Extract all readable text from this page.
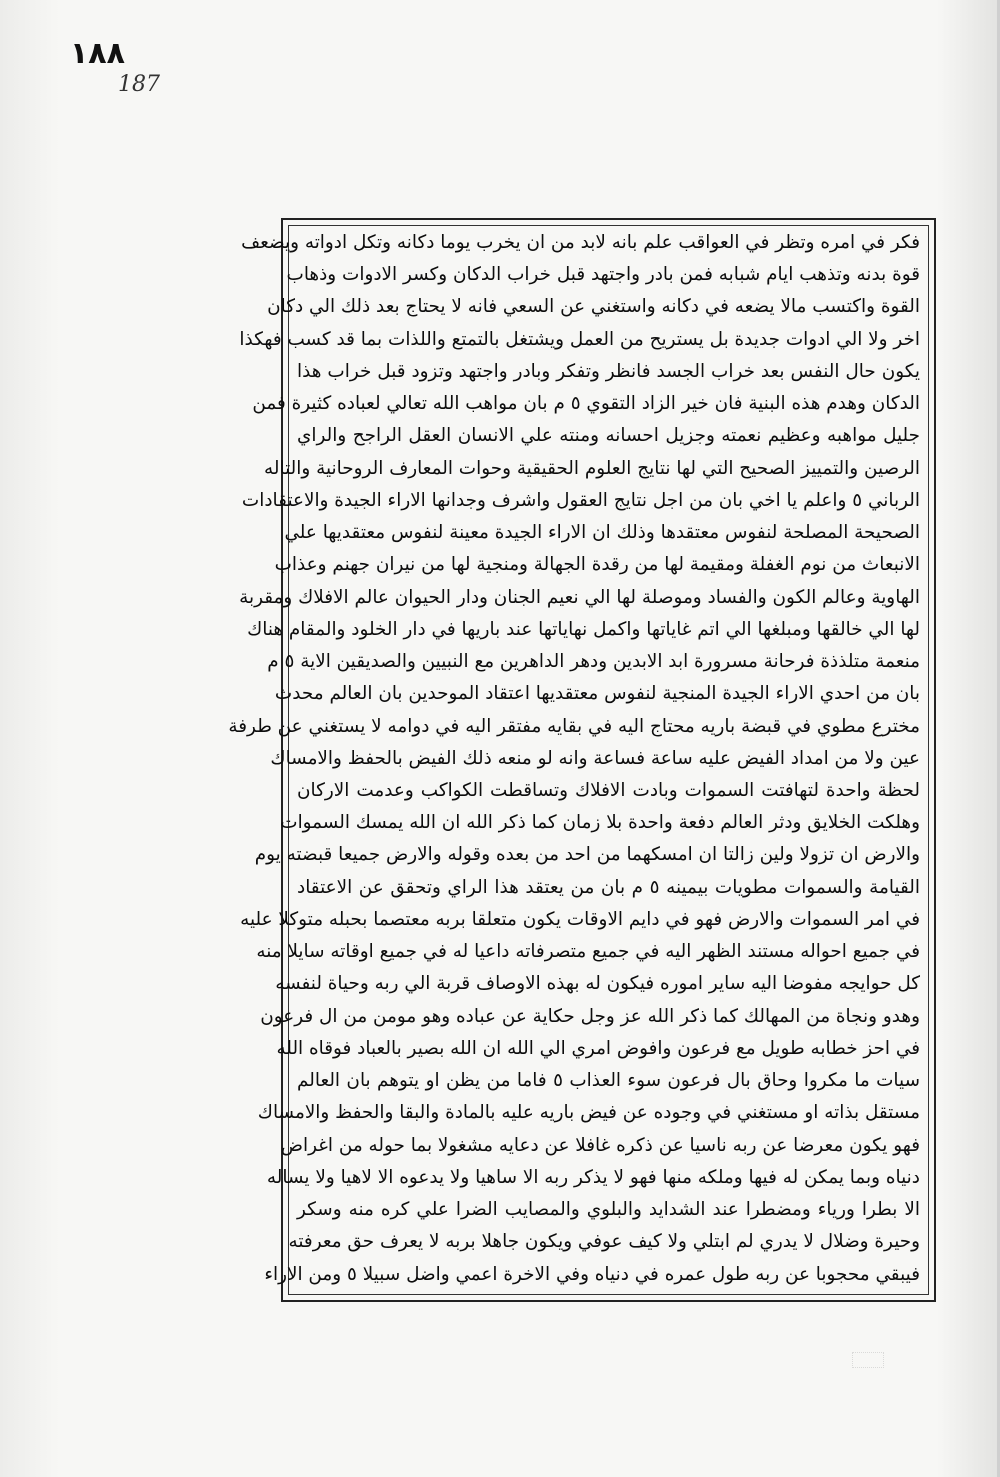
١٨٨
187
فكر في امره وتظر في العواقب علم بانه لابد من ان يخرب يوما دكانه وتكل ادواته ويضعف
قوة بدنه وتذهب ايام شبابه فمن بادر واجتهد قبل خراب الدكان وكسر الادوات وذهاب
القوة واكتسب مالا يضعه في دكانه واستغني عن السعي فانه لا يحتاج بعد ذلك الي دكان
اخر ولا الي ادوات جديدة بل يستريح من العمل ويشتغل بالتمتع واللذات بما قد كسب فهكذا
يكون حال النفس بعد خراب الجسد فانظر وتفكر وبادر واجتهد وتزود قبل خراب هذا
الدكان وهدم هذه البنية فان خير الزاد التقوي ٥ م بان مواهب الله تعالي لعباده كثيرة فمن
جليل مواهبه وعظيم نعمته وجزيل احسانه ومنته علي الانسان العقل الراجح والراي
الرصين والتمييز الصحيح التي لها نتايج العلوم الحقيقية وحوات المعارف الروحانية والتاله
الرباني ٥ واعلم يا اخي بان من اجل نتايج العقول واشرف وجدانها الاراء الجيدة والاعتقادات
الصحيحة المصلحة لنفوس معتقدها وذلك ان الاراء الجيدة معينة لنفوس معتقديها علي
الانبعاث من نوم الغفلة ومقيمة لها من رقدة الجهالة ومنجية لها من نيران جهنم وعذاب
الهاوية وعالم الكون والفساد وموصلة لها الي نعيم الجنان ودار الحيوان عالم الافلاك ومقربة
لها الي خالقها ومبلغها الي اتم غاياتها واكمل نهاياتها عند باريها في دار الخلود والمقام هناك
منعمة متلذذة فرحانة مسرورة ابد الابدين ودهر الداهرين مع النبيين والصديقين الاية ٥ م
بان من احدي الاراء الجيدة المنجية لنفوس معتقديها اعتقاد الموحدين بان العالم محدث
مخترع مطوي في قبضة باريه محتاج اليه في بقايه مفتقر اليه في دوامه لا يستغني عن طرفة
عين ولا من امداد الفيض عليه ساعة فساعة وانه لو منعه ذلك الفيض بالحفظ والامساك
لحظة واحدة لتهافتت السموات وبادت الافلاك وتساقطت الكواكب وعدمت الاركان
وهلكت الخلايق ودثر العالم دفعة واحدة بلا زمان كما ذكر الله ان الله يمسك السموات
والارض ان تزولا ولين زالتا ان امسكهما من احد من بعده وقوله والارض جميعا قبضته يوم
القيامة والسموات مطويات بيمينه ٥ م بان من يعتقد هذا الراي وتحقق عن الاعتقاد
في امر السموات والارض فهو في دايم الاوقات يكون متعلقا بربه معتصما بحبله متوكلا عليه
في جميع احواله مستند الظهر اليه في جميع متصرفاته داعيا له في جميع اوقاته سايلا منه
كل حوايجه مفوضا اليه ساير اموره فيكون له بهذه الاوصاف قربة الي ربه وحياة لنفسه
وهدو ونجاة من المهالك كما ذكر الله عز وجل حكاية عن عباده وهو مومن من ال فرعون
في احز خطابه طويل مع فرعون وافوض امري الي الله ان الله بصير بالعباد فوقاه الله
سيات ما مكروا وحاق بال فرعون سوء العذاب ٥ فاما من يظن او يتوهم بان العالم
مستقل بذاته او مستغني في وجوده عن فيض باريه عليه بالمادة والبقا والحفظ والامساك
فهو يكون معرضا عن ربه ناسيا عن ذكره غافلا عن دعايه مشغولا بما حوله من اغراض
دنياه وبما يمكن له فيها وملكه منها فهو لا يذكر ربه الا ساهيا ولا يدعوه الا لاهيا ولا يساله
الا بطرا ورياء ومضطرا عند الشدايد والبلوي والمصايب الضرا علي كره منه وسكر
وحيرة وضلال لا يدري لم ابتلي ولا كيف عوفي ويكون جاهلا بربه لا يعرف حق معرفته
فيبقي محجوبا عن ربه طول عمره في دنياه وفي الاخرة اعمي واضل سبيلا ٥ ومن الاراء
